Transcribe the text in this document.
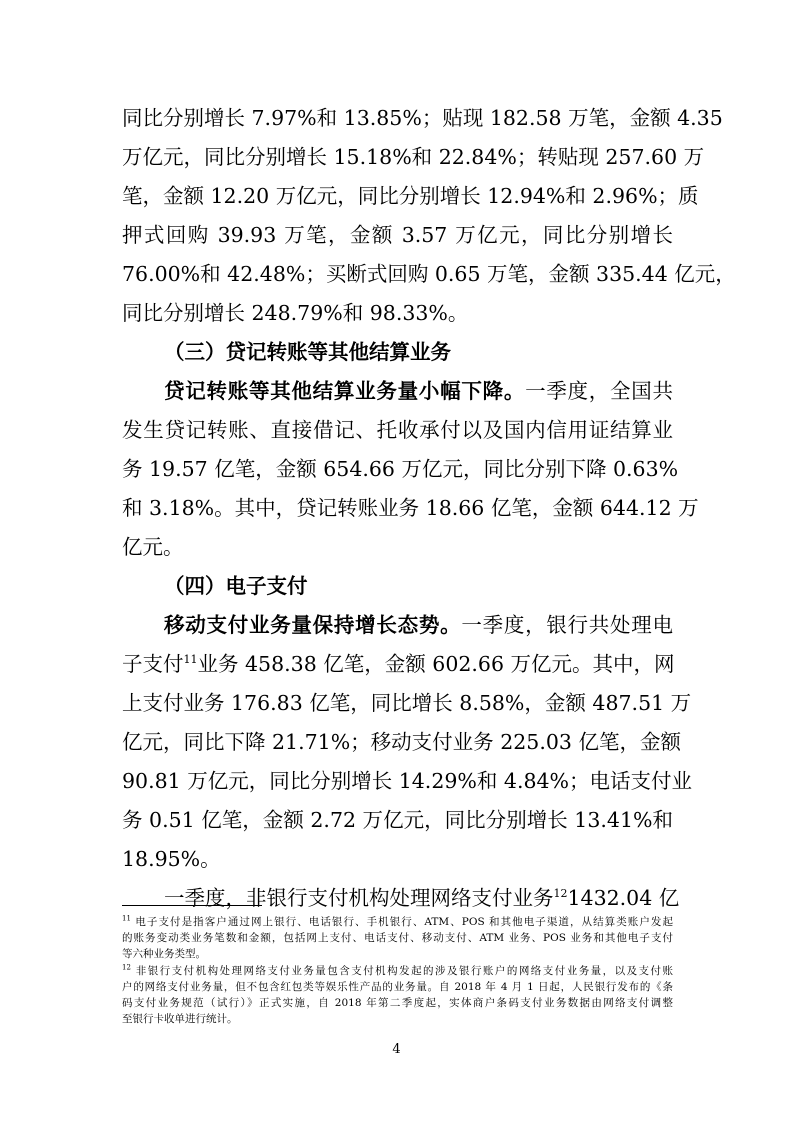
同比分别增长 7.97%和 13.85%；贴现 182.58 万笔，金额 4.35
万亿元，同比分别增长 15.18%和 22.84%；转贴现 257.60 万
笔，金额 12.20 万亿元，同比分别增长 12.94%和 2.96%；质
押式回购 39.93 万笔，金额 3.57 万亿元，同比分别增长
76.00%和 42.48%；买断式回购 0.65 万笔，金额 335.44 亿元，
同比分别增长 248.79%和 98.33%。
（三）贷记转账等其他结算业务
贷记转账等其他结算业务量小幅下降。一季度，全国共
发生贷记转账、直接借记、托收承付以及国内信用证结算业
务 19.57 亿笔，金额 654.66 万亿元，同比分别下降 0.63%
和 3.18%。其中，贷记转账业务 18.66 亿笔，金额 644.12 万
亿元。
（四）电子支付
移动支付业务量保持增长态势。一季度，银行共处理电
子支付$^{11}$业务 458.38 亿笔，金额 602.66 万亿元。其中，网
上支付业务 176.83 亿笔，同比增长 8.58%，金额 487.51 万
亿元，同比下降 21.71%；移动支付业务 225.03 亿笔，金额
90.81 万亿元，同比分别增长 14.29%和 4.84%；电话支付业
务 0.51 亿笔，金额 2.72 万亿元，同比分别增长 13.41%和
18.95%。
一季度，非银行支付机构处理网络支付业务$^{12}$1432.04 亿
$^{11}$ 电子支付是指客户通过网上银行、电话银行、手机银行、ATM、POS 和其他电子渠道，从结算类账户发起
的账务变动类业务笔数和金额，包括网上支付、电话支付、移动支付、ATM 业务、POS 业务和其他电子支付
等六种业务类型。
$^{12}$ 非银行支付机构处理网络支付业务量包含支付机构发起的涉及银行账户的网络支付业务量，以及支付账
户的网络支付业务量，但不包含红包类等娱乐性产品的业务量。自 2018 年 4 月 1 日起，人民银行发布的《条
码支付业务规范（试行）》正式实施，自 2018 年第二季度起，实体商户条码支付业务数据由网络支付调整
至银行卡收单进行统计。
4
